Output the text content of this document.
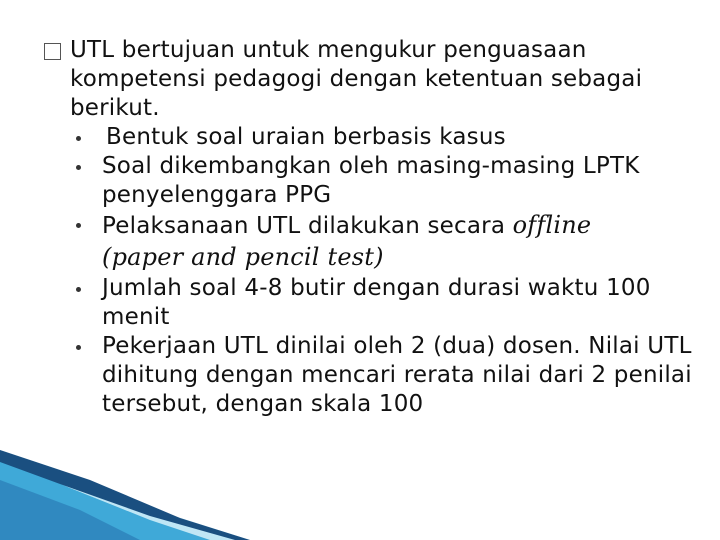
UTL bertujuan untuk mengukur penguasaan kompetensi pedagogi dengan ketentuan sebagai berikut.
Bentuk soal uraian berbasis kasus
Soal dikembangkan oleh masing-masing LPTK penyelenggara PPG
Pelaksanaan UTL dilakukan secara offline
(paper and pencil test)
Jumlah soal 4-8 butir dengan durasi waktu 100 menit
Pekerjaan UTL dinilai oleh 2 (dua) dosen. Nilai UTL dihitung dengan mencari rerata nilai dari 2 penilai tersebut, dengan skala 100
